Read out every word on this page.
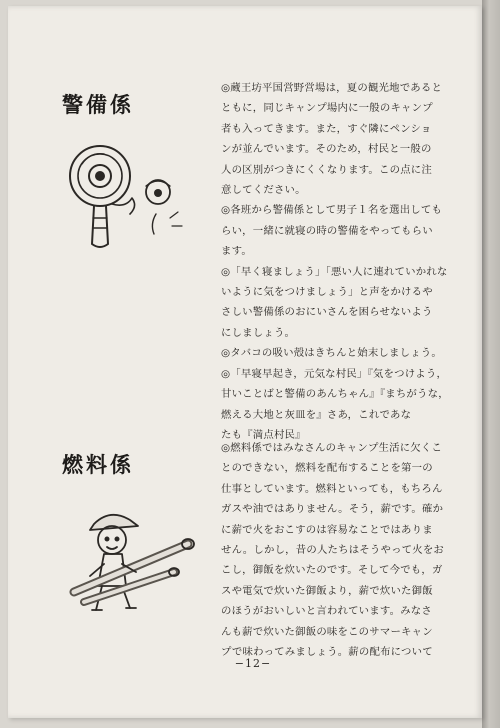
警備係

◎蔵王坊平国営野営場は，夏の観光地であると
ともに，同じキャンプ場内に一般のキャンプ
者も入ってきます。また，すぐ隣にペンショ
ンが並んでいます。そのため，村民と一般の
人の区別がつきにくくなります。この点に注
意してください。

◎各班から警備係として男子１名を選出しても
らい，一緒に就寝の時の警備をやってもらい
ます。

◎「早く寝ましょう」「悪い人に連れていかれな
いように気をつけましょう」と声をかけるや
さしい警備係のおにいさんを困らせないよう
にしましょう。

◎タバコの吸い殻はきちんと始末しましょう。

◎「早寝早起き，元気な村民」『気をつけよう，
甘いことばと警備のあんちゃん』『まちがうな，
燃える大地と灰皿を』さあ，これであな
たも『満点村民』

燃料係

◎燃料係ではみなさんのキャンプ生活に欠くこ
とのできない，燃料を配布することを第一の
仕事としています。燃料といっても，もちろん
ガスや油ではありません。そう，薪です。確か
に薪で火をおこすのは容易なことではありま
せん。しかし，昔の人たちはそうやって火をお
こし，御飯を炊いたのです。そして今でも，ガ
スや電気で炊いた御飯より，薪で炊いた御飯
のほうがおいしいと言われています。みなさ
んも薪で炊いた御飯の味をこのサマーキャン
プで味わってみましょう。薪の配布について

−12−
